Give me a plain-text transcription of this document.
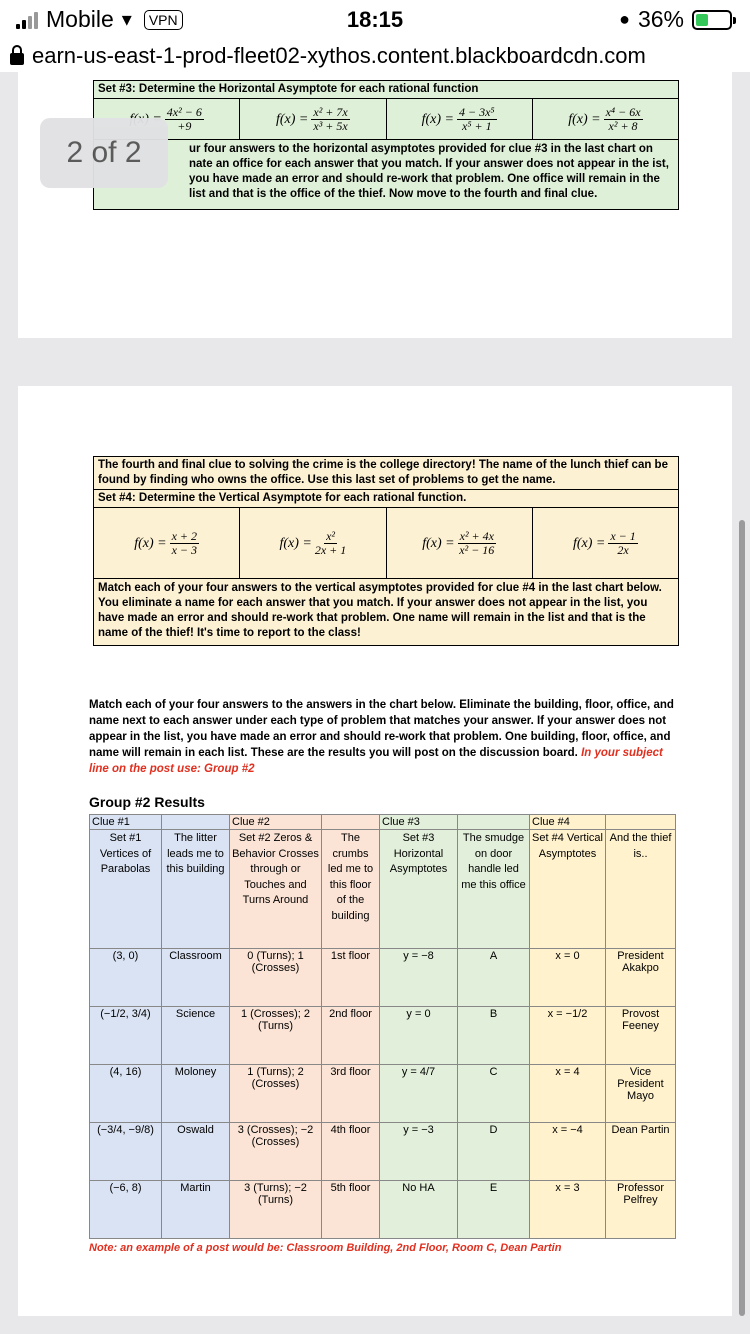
Mobile ▾	VPN	18:15	● 36%
earn-us-east-1-prod-fleet02-xythos.content.blackboardcdn.com
Set #3: Determine the Horizontal Asymptote for each rational function
$\frac{\text{4x² − 6}}{+9}$	$f(x) = \frac{\text{x² + 7x}}{\text{x³ + 5x}}$	$f(x) = \frac{\text{4 − 3x⁵}}{\text{x⁵ + 1}}$	$f(x) = \frac{\text{x⁴ − 6x}}{\text{x² + 8}}$
ur four answers to the horizontal asymptotes provided for clue #3 in the last chart on nate an office for each answer that you match. If your answer does not appear in the ist, you have made an error and should re-work that problem. One office will remain in the list and that is the office of the thief. Now move to the fourth and final clue.
2 of 2
The fourth and final clue to solving the crime is the college directory! The name of the lunch thief can be found by finding who owns the office. Use this last set of problems to get the name.
Set #4: Determine the Vertical Asymptote for each rational function.
$f(x) = \frac{x + 2}{x - 3}$	$f(x) = \frac{\text{x²}}{2x + 1}$	$f(x) = \frac{\text{x² + 4x}}{\text{x² − 16}}$	$f(x) = \frac{x - 1}{2x}$
Match each of your four answers to the vertical asymptotes provided for clue #4 in the last chart below. You eliminate a name for each answer that you match. If your answer does not appear in the list, you have made an error and should re-work that problem. One name will remain in the list and that is the name of the thief! It's time to report to the class!
Match each of your four answers to the answers in the chart below. Eliminate the building, floor, office, and name next to each answer under each type of problem that matches your answer. If your answer does not appear in the list, you have made an error and should re-work that problem. One building, floor, office, and name will remain in each list. These are the results you will post on the discussion board. In your subject line on the post use: Group #2
Group #2 Results
Clue #1		Clue #2		Clue #3		Clue #4	
Set #1 Vertices of Parabolas	The litter leads me to this building	Set #2 Zeros & Behavior Crosses through or Touches and Turns Around	The crumbs led me to this floor of the building	Set #3 Horizontal Asymptotes	The smudge on door handle led me this office	Set #4 Vertical Asymptotes	And the thief is..
(3, 0)	Classroom	0 (Turns); 1 (Crosses)	1st floor	y = −8	A	x = 0	President Akakpo
(−1/2, 3/4)	Science	1 (Crosses); 2 (Turns)	2nd floor	y = 0	B	x = −1/2	Provost Feeney
(4, 16)	Moloney	1 (Turns); 2 (Crosses)	3rd floor	y = 4/7	C	x = 4	Vice President Mayo
(−3/4, −9/8)	Oswald	3 (Crosses); −2 (Crosses)	4th floor	y = −3	D	x = −4	Dean Partin
(−6, 8)	Martin	3 (Turns); −2 (Turns)	5th floor	No HA	E	x = 3	Professor Pelfrey
Note: an example of a post would be: Classroom Building, 2nd Floor, Room C, Dean Partin
